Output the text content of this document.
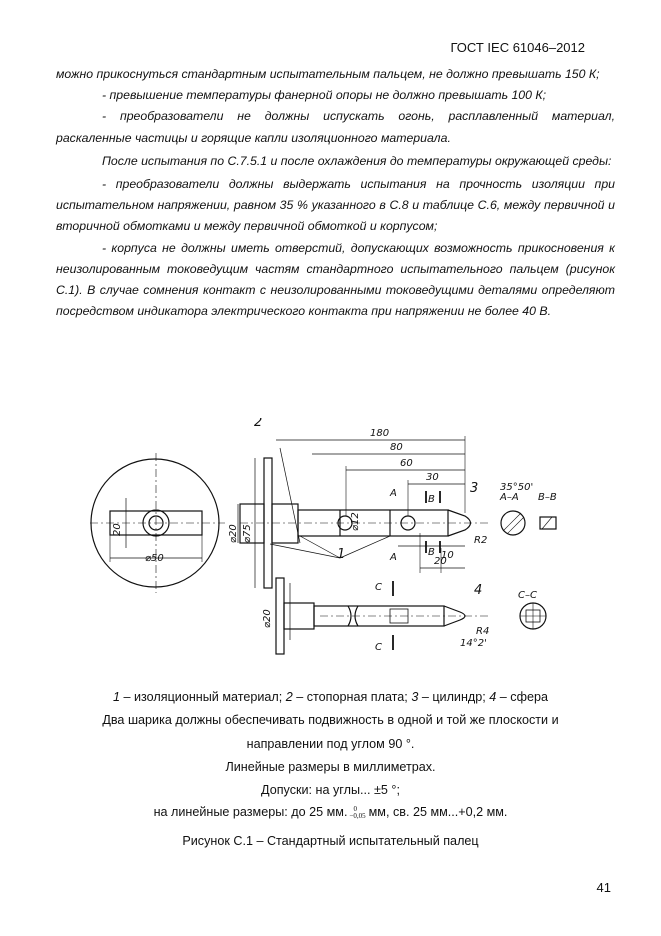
ГОСТ IEC 61046–2012

можно прикоснуться стандартным испытательным пальцем, не должно превышать 150 К;

- превышение температуры фанерной опоры не должно превышать 100 К;

- преобразователи не должны испускать огонь, расплавленный материал, раскаленные частицы и горящие капли изоляционного материала.

После испытания по С.7.5.1 и после охлаждения до температуры окружающей среды:

- преобразователи должны выдержать испытания на прочность изоляции при испытательном напряжении, равном 35 % указанного в С.8 и таблице С.6, между первичной и вторичной обмотками и между первичной обмоткой и корпусом;

- корпуса не должны иметь отверстий, допускающих возможность прикосновения к неизолированным токоведущим частям стандартного испытательного пальцем (рисунок С.1). В случае сомнения контакт с неизолированными токоведущими деталями определяют посредством индикатора электрического контакта при напряжении не более 40 В.

180
80
60
30
35°50'
R2
10
20
А
В
А	В
А–А В–В
С–С
С
С	14°2'
R4
⌀50
2
1
3
4
20	⌀75
⌀20
⌀12
⌀20
1 – изоляционный материал; 2 – стопорная плата; 3 – цилиндр; 4 – сфера
Два шарика должны обеспечивать подвижность в одной и той же плоскости и
направлении под углом 90 °.
Линейные размеры в миллиметрах.
Допуски: на углы... ±5 °;
на линейные размеры: до 25 мм. 0
−0,05 мм, св. 25 мм...+0,2 мм.
Рисунок С.1 – Стандартный испытательный палец
41
